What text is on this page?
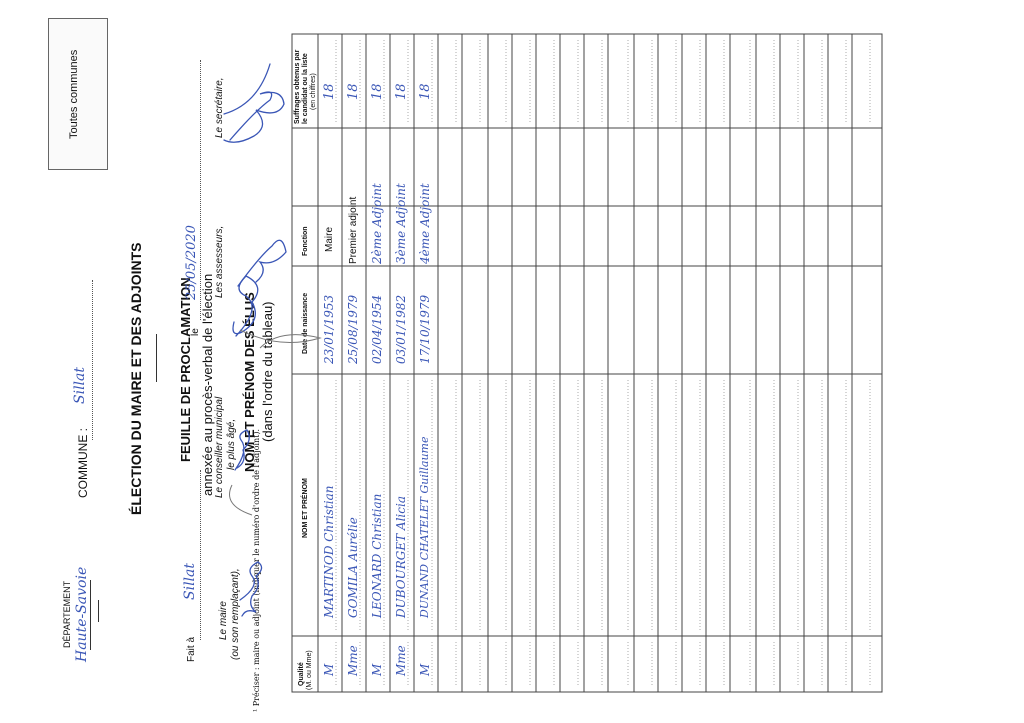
DÉPARTEMENT Haute-Savoie
COMMUNE :
Sillat
Toutes communes
ÉLECTION DU MAIRE ET DES ADJOINTS	FEUILLE DE PROCLAMATION annexée au procès-verbal de l'élection NOM ET PRÉNOM DES ÉLUS (dans l'ordre du tableau)
Qualité (M. ou Mme)
NOM ET PRÉNOM
Date de naissance
Fonction
Suffrages obtenus par le candidat ou la liste (en chiffres)
M
MARTINOD Christian
23/01/1953
Maire
18
Mme
GOMILA Aurélie
25/08/1979
Premier adjoint
18
M
LEONARD Christian
02/04/1954
2ème Adjoint
18
Mme
DUBOURGET Alicia
03/01/1982
3ème Adjoint
18
M
DUNAND CHATELET Guillaume
17/10/1979
4ème Adjoint
18
Fait à
Sillat
le
25/05/2020
Le maire (ou son remplaçant),
Le conseiller municipal le plus âgé,
Les assesseurs,
Le secrétaire,
¹ Préciser : maire ou adjoint (indiquer le numéro d'ordre de l'adjoint).
